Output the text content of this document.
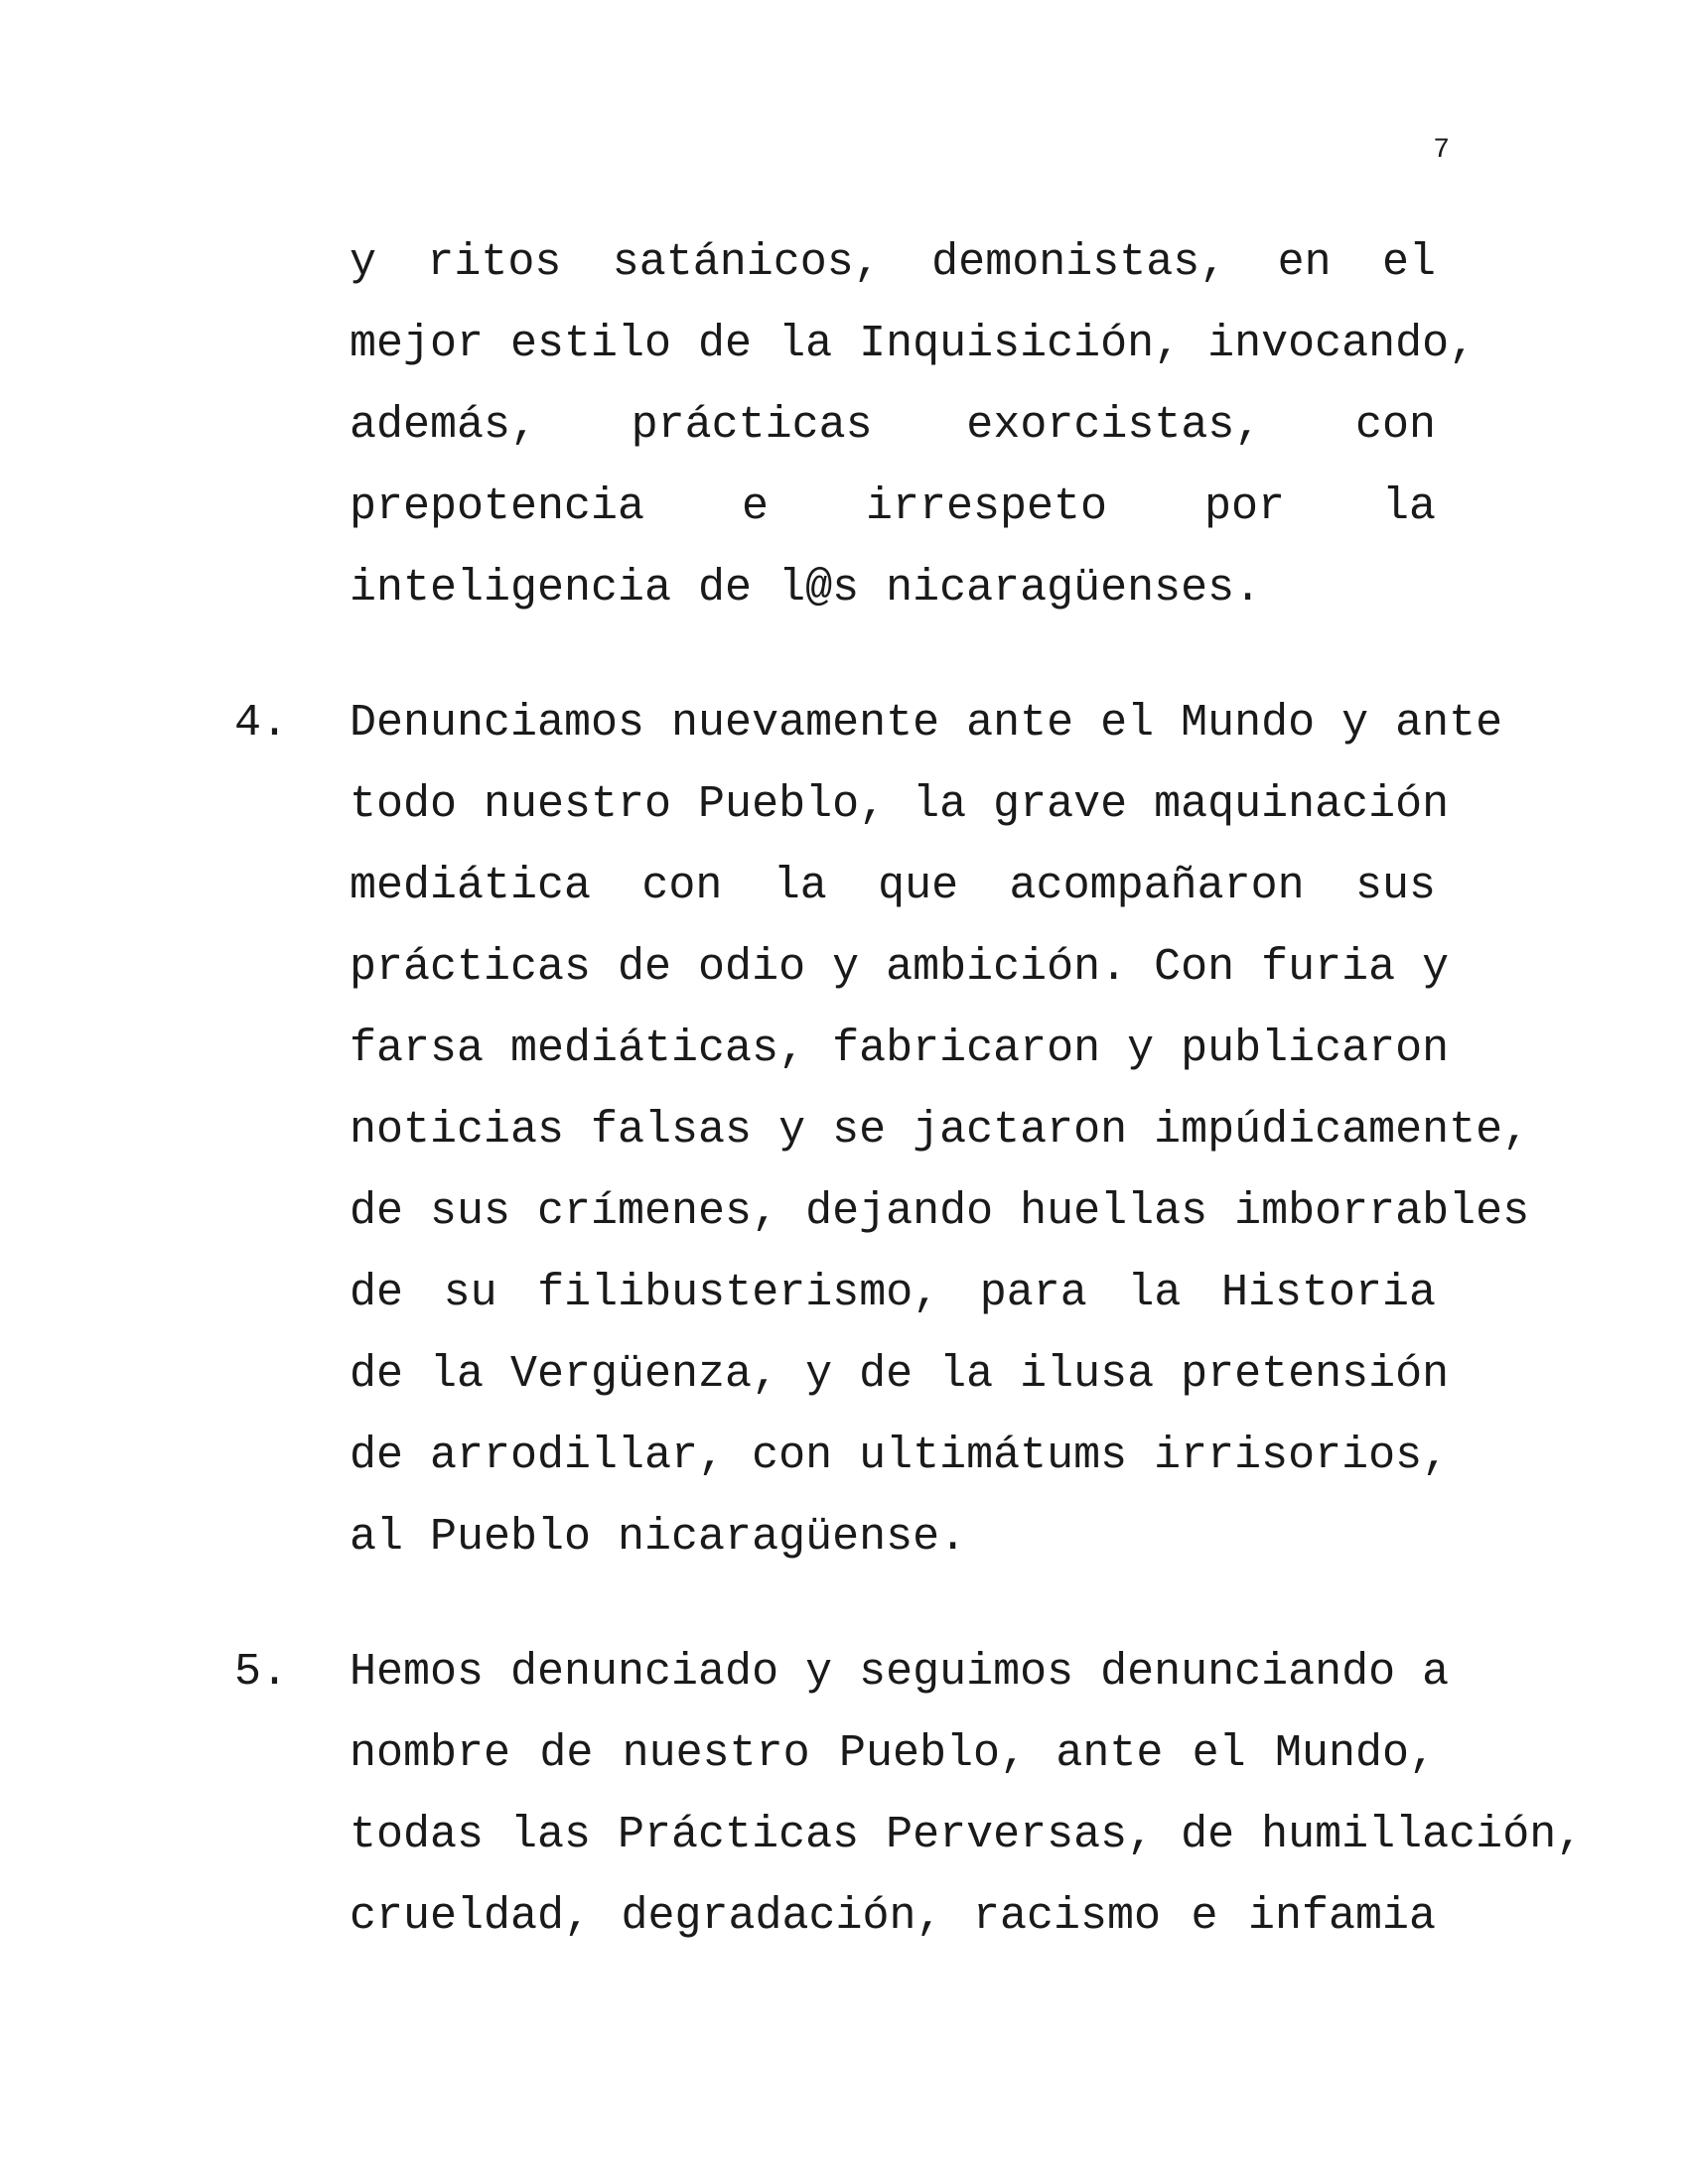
7
y ritos satánicos, demonistas, en el
mejor estilo de la Inquisición, invocando,
además, prácticas exorcistas, con
prepotencia e irrespeto por la
inteligencia de l@s nicaragüenses.
4.	Denunciamos nuevamente ante el Mundo y ante
todo nuestro Pueblo, la grave maquinación
mediática con la que acompañaron sus
prácticas de odio y ambición. Con furia y
farsa mediáticas, fabricaron y publicaron
noticias falsas y se jactaron impúdicamente,
de sus crímenes, dejando huellas imborrables
de su filibusterismo, para la Historia
de la Vergüenza, y de la ilusa pretensión
de arrodillar, con ultimátums irrisorios,
al Pueblo nicaragüense.
5.	Hemos denunciado y seguimos denunciando a
nombre de nuestro Pueblo, ante el Mundo,
todas las Prácticas Perversas, de humillación,
crueldad, degradación, racismo e infamia
